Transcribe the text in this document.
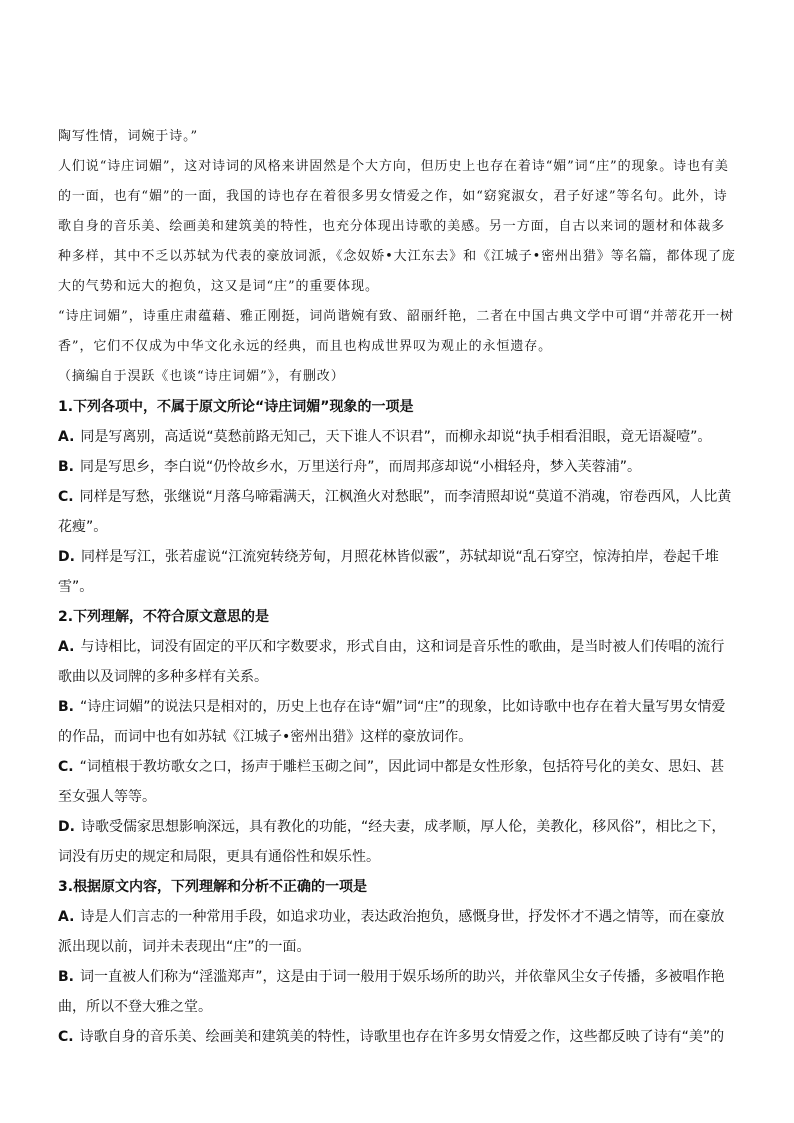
陶写性情，词婉于诗。”

人们说“诗庄词媚”，这对诗词的风格来讲固然是个大方向，但历史上也存在着诗“媚”词“庄”的现象。诗也有美的一面，也有“媚”的一面，我国的诗也存在着很多男女情爱之作，如“窈窕淑女，君子好逑”等名句。此外，诗歌自身的音乐美、绘画美和建筑美的特性，也充分体现出诗歌的美感。另一方面，自古以来词的题材和体裁多种多样，其中不乏以苏轼为代表的豪放词派，《念奴娇•大江东去》和《江城子•密州出猎》等名篇，都体现了庞大的气势和远大的抱负，这又是词“庄”的重要体现。

“诗庄词媚”，诗重庄肃蕴藉、雅正刚挺，词尚谐婉有致、韶丽纤艳，二者在中国古典文学中可谓“并蒂花开一树香”，它们不仅成为中华文化永远的经典，而且也构成世界叹为观止的永恒遗存。

（摘编自于淏跃《也谈“诗庄词媚”》，有删改）

1.下列各项中，不属于原文所论“诗庄词媚”现象的一项是

A. 同是写离别，高适说“莫愁前路无知己，天下谁人不识君”，而柳永却说“执手相看泪眼，竟无语凝噎”。

B. 同是写思乡，李白说“仍怜故乡水，万里送行舟”，而周邦彦却说“小楫轻舟，梦入芙蓉浦”。

C. 同样是写愁，张继说“月落乌啼霜满天，江枫渔火对愁眠”，而李清照却说“莫道不消魂，帘卷西风，人比黄花瘦”。

D. 同样是写江，张若虚说“江流宛转绕芳甸，月照花林皆似霰”，苏轼却说“乱石穿空，惊涛拍岸，卷起千堆雪”。

2.下列理解，不符合原文意思的是

A. 与诗相比，词没有固定的平仄和字数要求，形式自由，这和词是音乐性的歌曲，是当时被人们传唱的流行歌曲以及词牌的多种多样有关系。

B. “诗庄词媚”的说法只是相对的，历史上也存在诗“媚”词“庄”的现象，比如诗歌中也存在着大量写男女情爱的作品，而词中也有如苏轼《江城子•密州出猎》这样的豪放词作。

C. “词植根于教坊歌女之口，扬声于雕栏玉砌之间”，因此词中都是女性形象，包括符号化的美女、思妇、甚至女强人等等。

D. 诗歌受儒家思想影响深远，具有教化的功能，“经夫妻，成孝顺，厚人伦，美教化，移风俗”，相比之下，词没有历史的规定和局限，更具有通俗性和娱乐性。

3.根据原文内容，下列理解和分析不正确的一项是

A. 诗是人们言志的一种常用手段，如追求功业，表达政治抱负，感慨身世，抒发怀才不遇之情等，而在豪放派出现以前，词并未表现出“庄”的一面。

B. 词一直被人们称为“淫滥郑声”，这是由于词一般用于娱乐场所的助兴，并依靠风尘女子传播，多被唱作艳曲，所以不登大雅之堂。

C. 诗歌自身的音乐美、绘画美和建筑美的特性，诗歌里也存在许多男女情爱之作，这些都反映了诗有“美”的
